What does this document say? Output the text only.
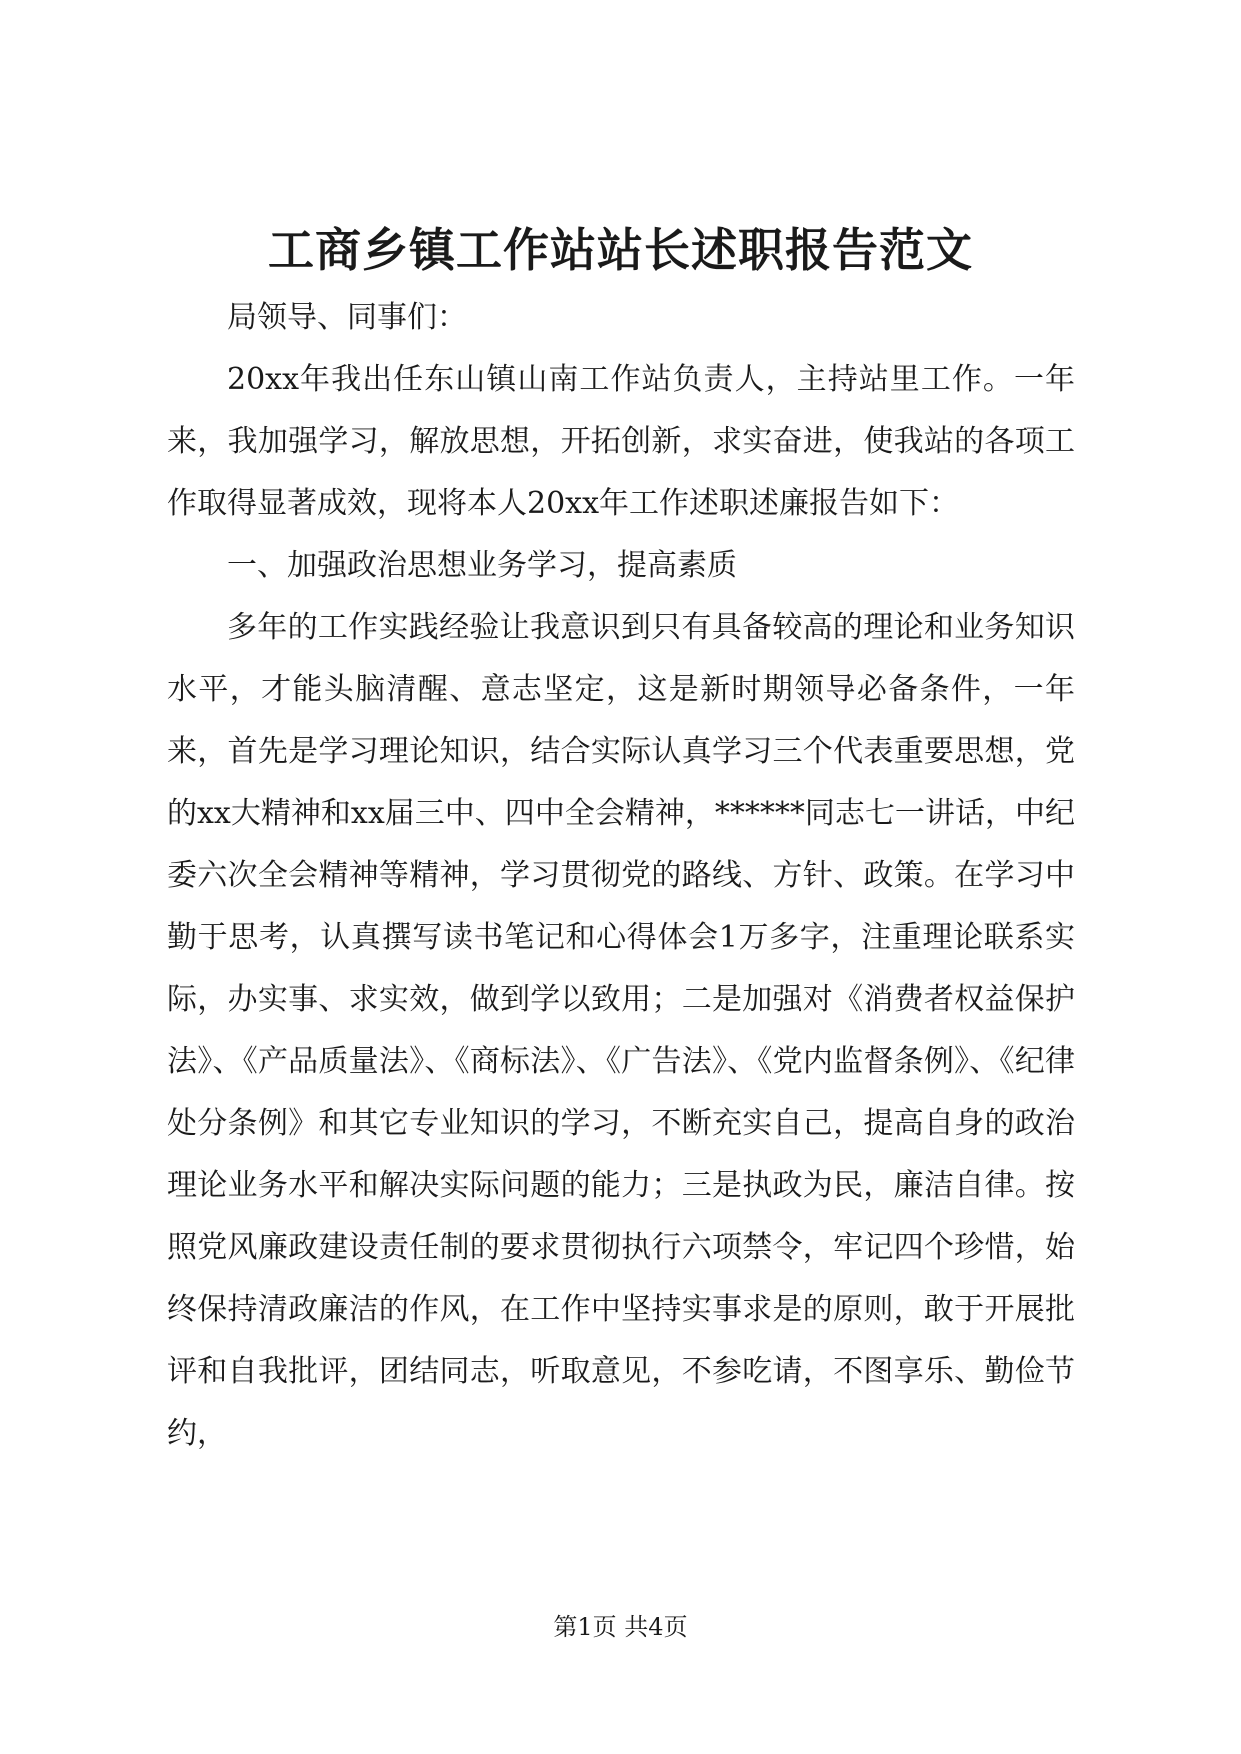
工商乡镇工作站站长述职报告范文

局领导、同事们：

20xx年我出任东山镇山南工作站负责人，主持站里工作。一年来，我加强学习，解放思想，开拓创新，求实奋进，使我站的各项工作取得显著成效，现将本人20xx年工作述职述廉报告如下：

一、加强政治思想业务学习，提高素质

多年的工作实践经验让我意识到只有具备较高的理论和业务知识水平，才能头脑清醒、意志坚定，这是新时期领导必备条件，一年来，首先是学习理论知识，结合实际认真学习三个代表重要思想，党的xx大精神和xx届三中、四中全会精神，******同志七一讲话，中纪委六次全会精神等精神，学习贯彻党的路线、方针、政策。在学习中勤于思考，认真撰写读书笔记和心得体会1万多字，注重理论联系实际，办实事、求实效，做到学以致用；二是加强对《消费者权益保护法》、《产品质量法》、《商标法》、《广告法》、《党内监督条例》、《纪律处分条例》和其它专业知识的学习，不断充实自己，提高自身的政治理论业务水平和解决实际问题的能力；三是执政为民，廉洁自律。按照党风廉政建设责任制的要求贯彻执行六项禁令，牢记四个珍惜，始终保持清政廉洁的作风，在工作中坚持实事求是的原则，敢于开展批评和自我批评，团结同志，听取意见，不参吃请，不图享乐、勤俭节约，

第1页 共4页
